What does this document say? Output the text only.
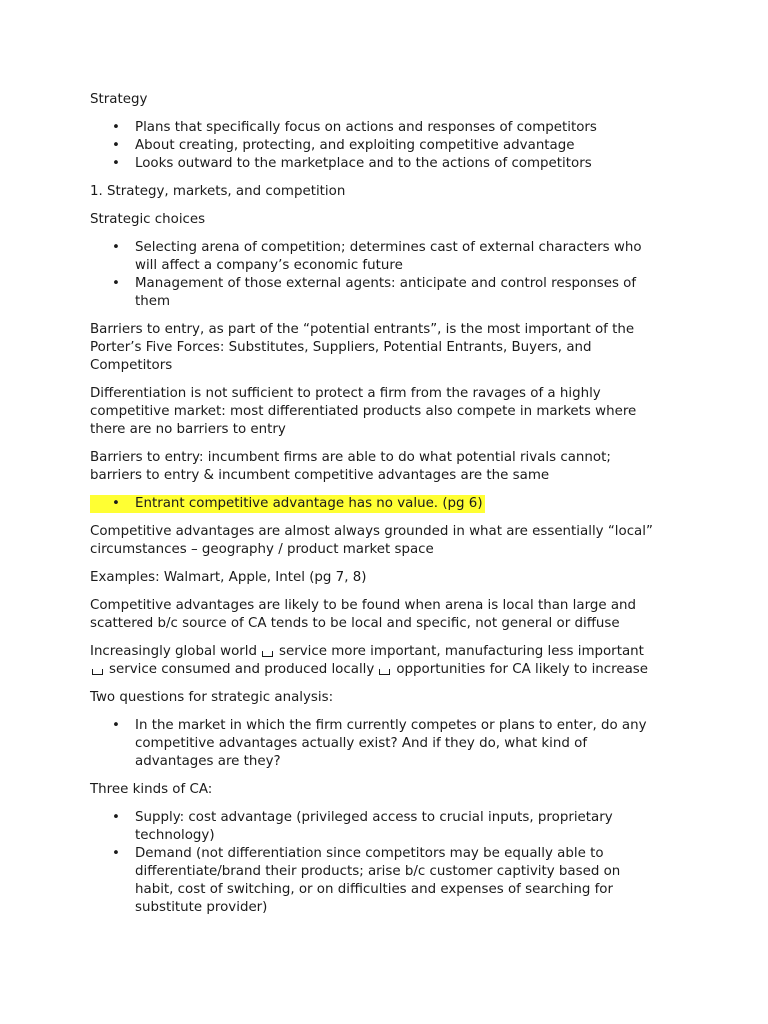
Strategy

• Plans that specifically focus on actions and responses of competitors
• About creating, protecting, and exploiting competitive advantage
• Looks outward to the marketplace and to the actions of competitors

1. Strategy, markets, and competition

Strategic choices

• Selecting arena of competition; determines cast of external characters who
will affect a company’s economic future
• Management of those external agents: anticipate and control responses of
them

Barriers to entry, as part of the “potential entrants”, is the most important of the
Porter’s Five Forces: Substitutes, Suppliers, Potential Entrants, Buyers, and
Competitors

Differentiation is not sufficient to protect a firm from the ravages of a highly
competitive market: most differentiated products also compete in markets where
there are no barriers to entry

Barriers to entry: incumbent firms are able to do what potential rivals cannot;
barriers to entry & incumbent competitive advantages are the same

• Entrant competitive advantage has no value. (pg 6)

Competitive advantages are almost always grounded in what are essentially “local”
circumstances – geography / product market space

Examples: Walmart, Apple, Intel (pg 7, 8)

Competitive advantages are likely to be found when arena is local than large and
scattered b/c source of CA tends to be local and specific, not general or diffuse

Increasingly global world service more important, manufacturing less important
service consumed and produced locally opportunities for CA likely to increase

Two questions for strategic analysis:

• In the market in which the firm currently competes or plans to enter, do any
competitive advantages actually exist? And if they do, what kind of
advantages are they?

Three kinds of CA:

• Supply: cost advantage (privileged access to crucial inputs, proprietary
technology)
• Demand (not differentiation since competitors may be equally able to
differentiate/brand their products; arise b/c customer captivity based on
habit, cost of switching, or on difficulties and expenses of searching for
substitute provider)
